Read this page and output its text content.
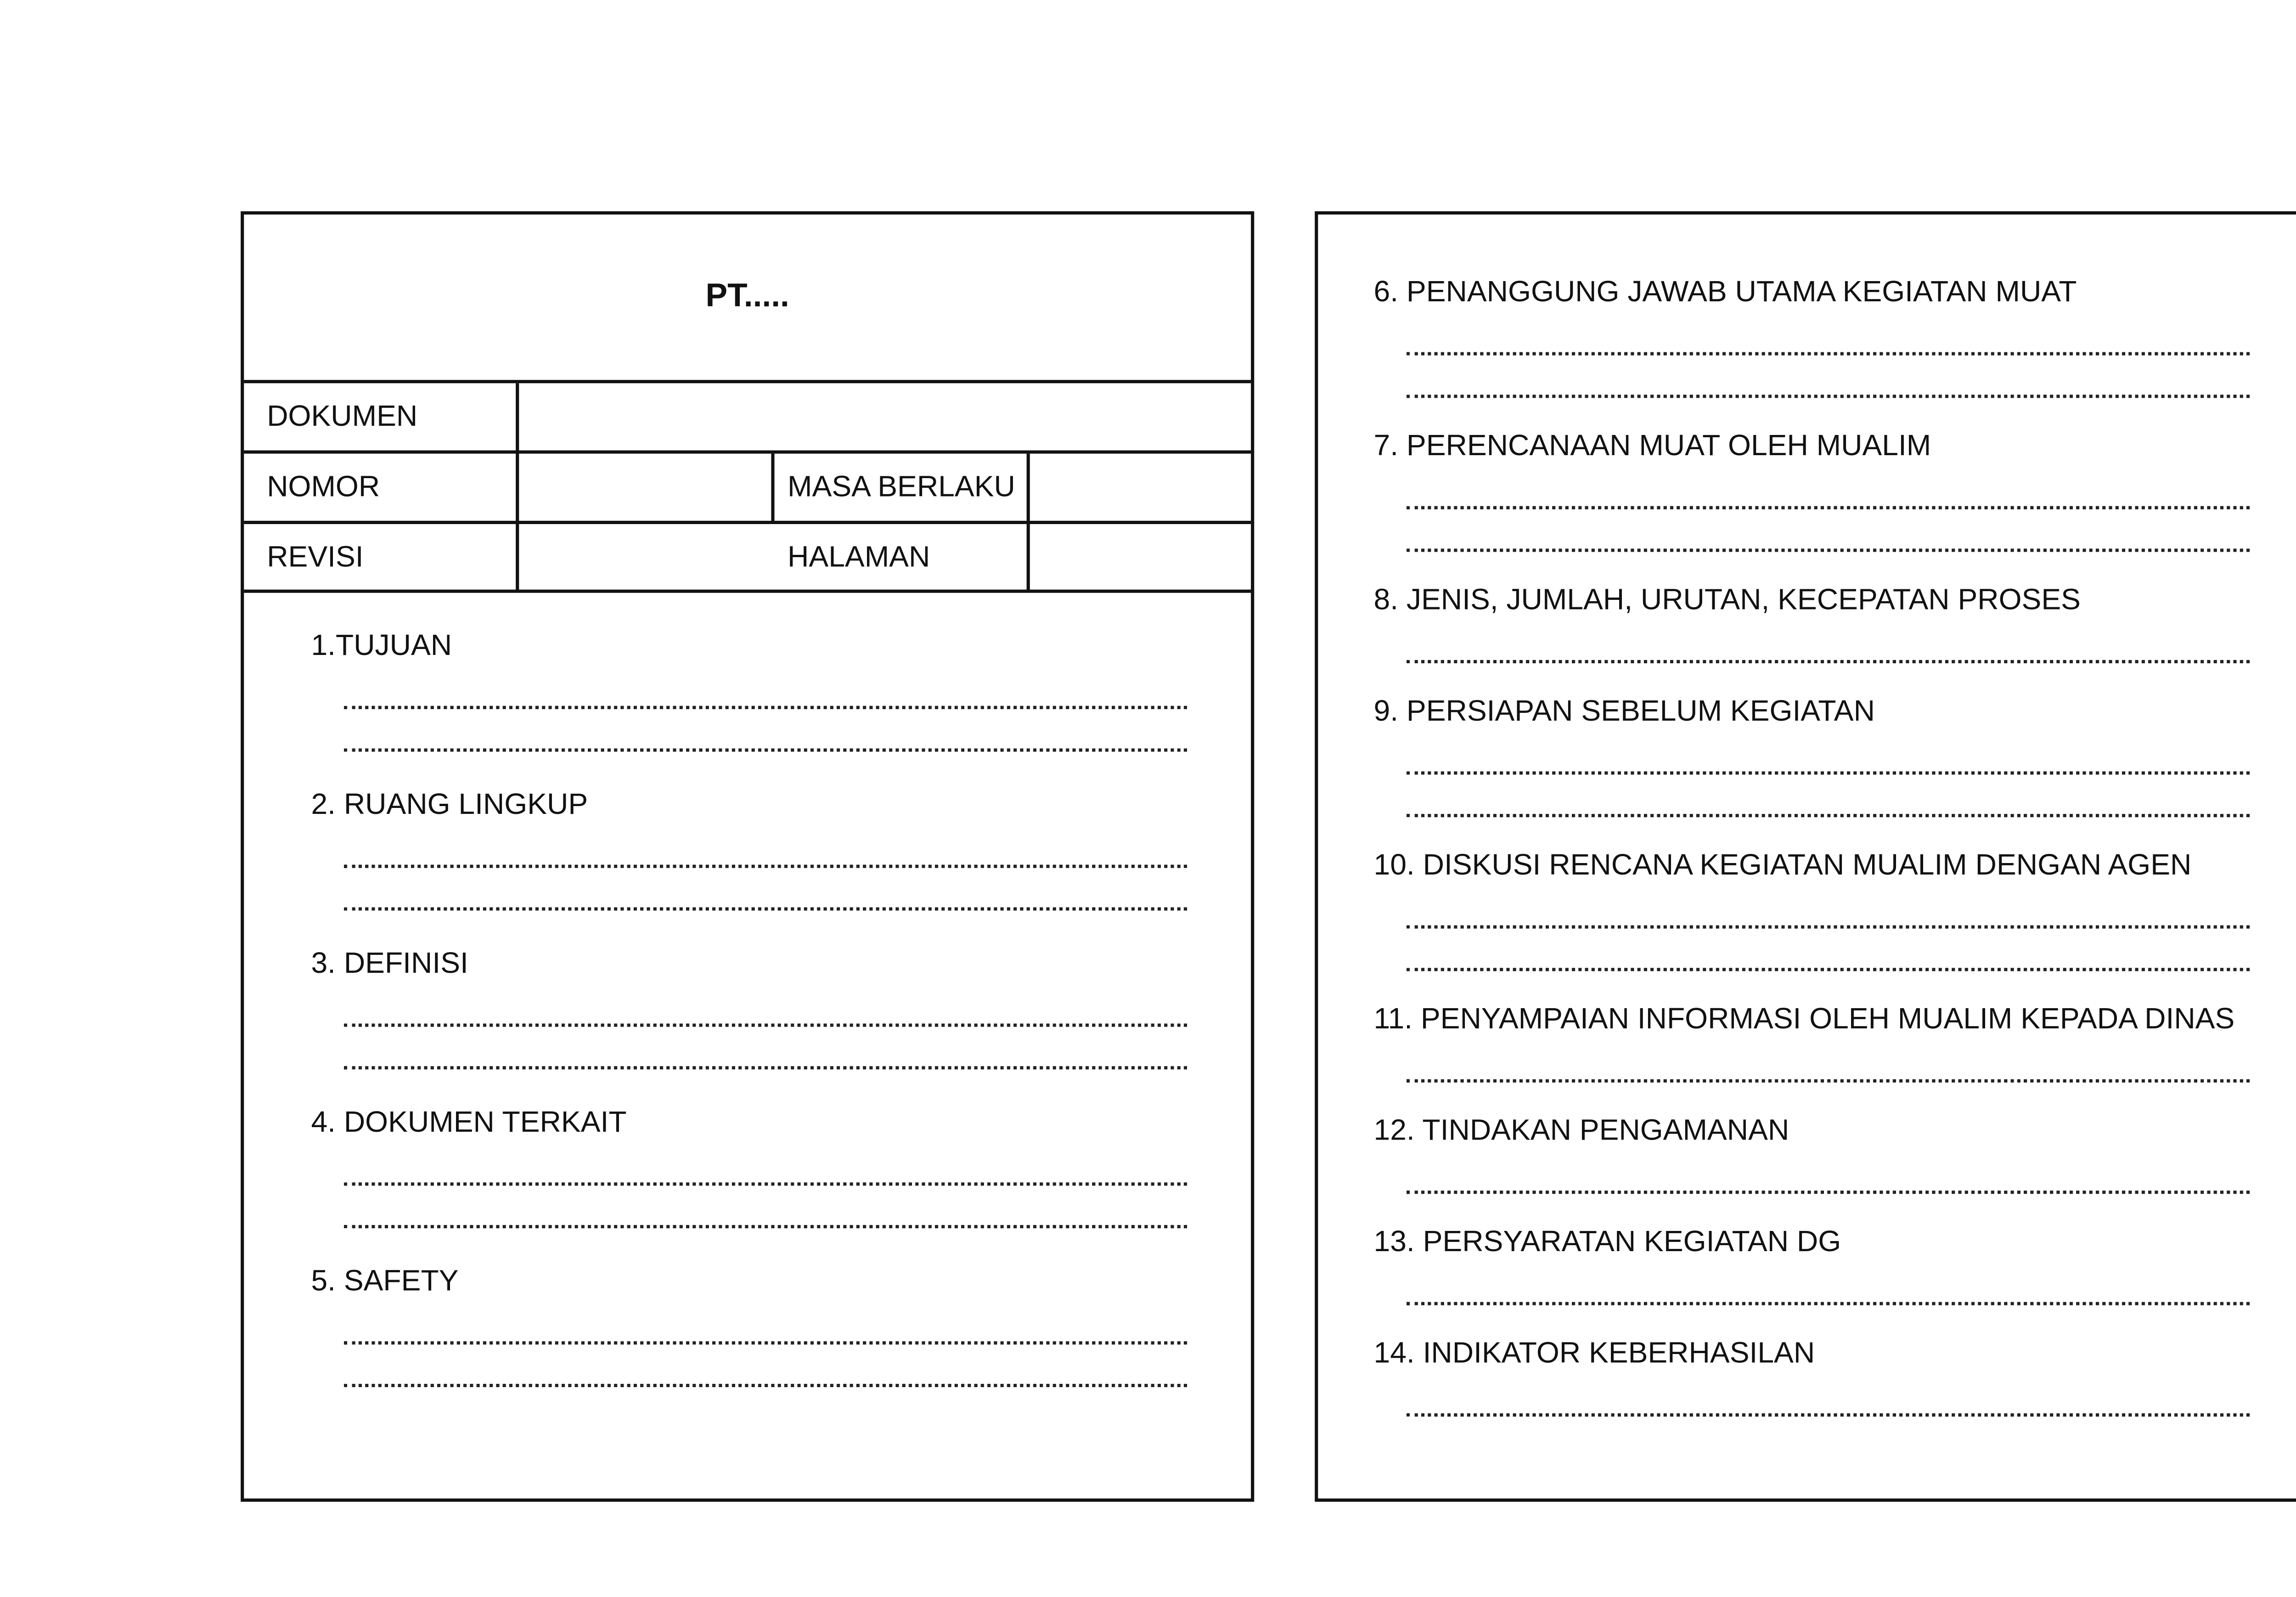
PT.....
DOKUMEN
NOMOR	MASA BERLAKU
REVISI	HALAMAN
1.TUJUAN
2. RUANG LINGKUP
3. DEFINISI
4. DOKUMEN TERKAIT
5. SAFETY
6. PENANGGUNG JAWAB UTAMA KEGIATAN MUAT
7. PERENCANAAN MUAT OLEH MUALIM
8. JENIS, JUMLAH, URUTAN, KECEPATAN PROSES
9. PERSIAPAN SEBELUM KEGIATAN
10. DISKUSI RENCANA KEGIATAN MUALIM DENGAN AGEN
11. PENYAMPAIAN INFORMASI OLEH MUALIM KEPADA DINAS
12. TINDAKAN PENGAMANAN
13. PERSYARATAN KEGIATAN DG
14. INDIKATOR KEBERHASILAN
